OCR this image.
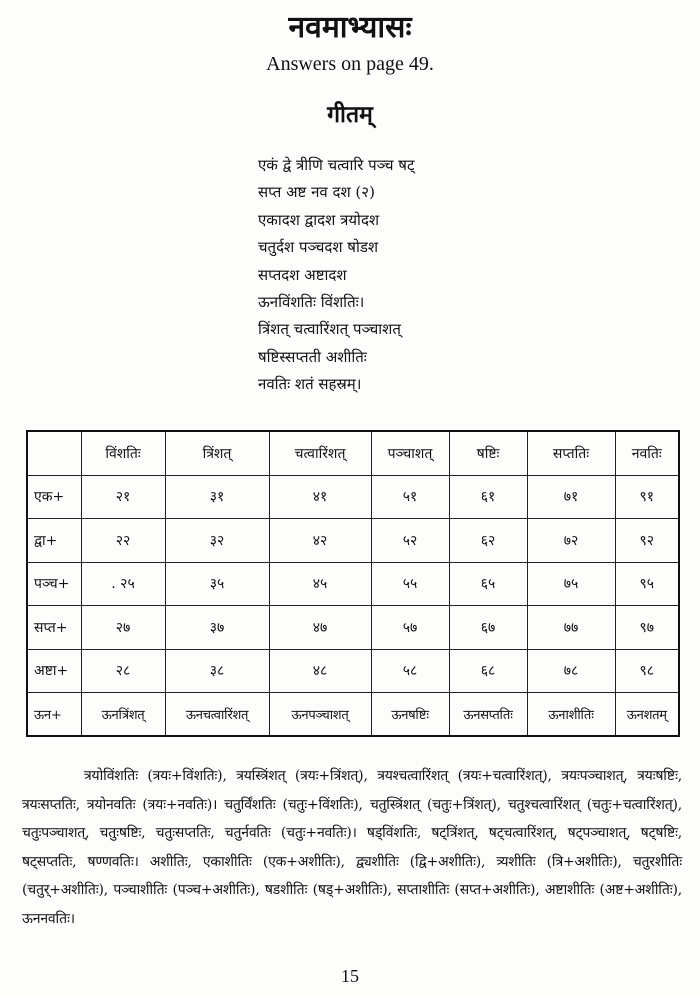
नवमाभ्यासः
Answers on page 49.
गीतम्
एकं द्वे त्रीणि चत्वारि पञ्च षट्
सप्त अष्ट नव दश (२)
एकादश द्वादश त्रयोदश
चतुर्दश पञ्चदश षोडश
सप्तदश अष्टादश
ऊनविंशतिः विंशतिः।
त्रिंशत् चत्वारिंशत् पञ्चाशत्
षष्टिस्सप्तती अशीतिः
नवतिः शतं सहस्रम्।
	विंशतिः	त्रिंशत्	चत्वारिंशत्	पञ्चाशत्	षष्टिः	सप्ततिः	नवतिः
एक+	२१	३१	४१	५१	६१	७१	९१
द्वा+	२२	३२	४२	५२	६२	७२	९२
पञ्च+	. २५	३५	४५	५५	६५	७५	९५
सप्त+	२७	३७	४७	५७	६७	७७	९७
अष्टा+	२८	३८	४८	५८	६८	७८	९८
ऊन+	ऊनत्रिंशत्	ऊनचत्वारिंशत्	ऊनपञ्चाशत्	ऊनषष्टिः	ऊनसप्ततिः	ऊनाशीतिः	ऊनशतम्

त्रयोविंशतिः (त्रयः+विंशतिः), त्रयस्त्रिंशत् (त्रयः+त्रिंशत्), त्रयश्चत्वारिंशत् (त्रयः+चत्वारिंशत्), त्रयःपञ्चाशत्, त्रयःषष्टिः, त्रयःसप्ततिः, त्रयोनवतिः (त्रयः+नवतिः)। चतुर्विंशतिः (चतुः+विंशतिः), चतुस्त्रिंशत् (चतुः+त्रिंशत्), चतुश्चत्वारिंशत् (चतुः+चत्वारिंशत्), चतुःपञ्चाशत्, चतुःषष्टिः, चतुःसप्ततिः, चतुर्नवतिः (चतुः+नवतिः)। षड्विंशतिः, षट्त्रिंशत्, षट्चत्वारिंशत्, षट्पञ्चाशत्, षट्षष्टिः, षट्सप्ततिः, षण्णवतिः। अशीतिः, एकाशीतिः (एक+अशीतिः), द्व्यशीतिः (द्वि+अशीतिः), त्र्यशीतिः (त्रि+अशीतिः), चतुरशीतिः (चतुर्+अशीतिः), पञ्चाशीतिः (पञ्च+अशीतिः), षडशीतिः (षड्+अशीतिः), सप्ताशीतिः (सप्त+अशीतिः), अष्टाशीतिः (अष्ट+अशीतिः), ऊननवतिः।

15
